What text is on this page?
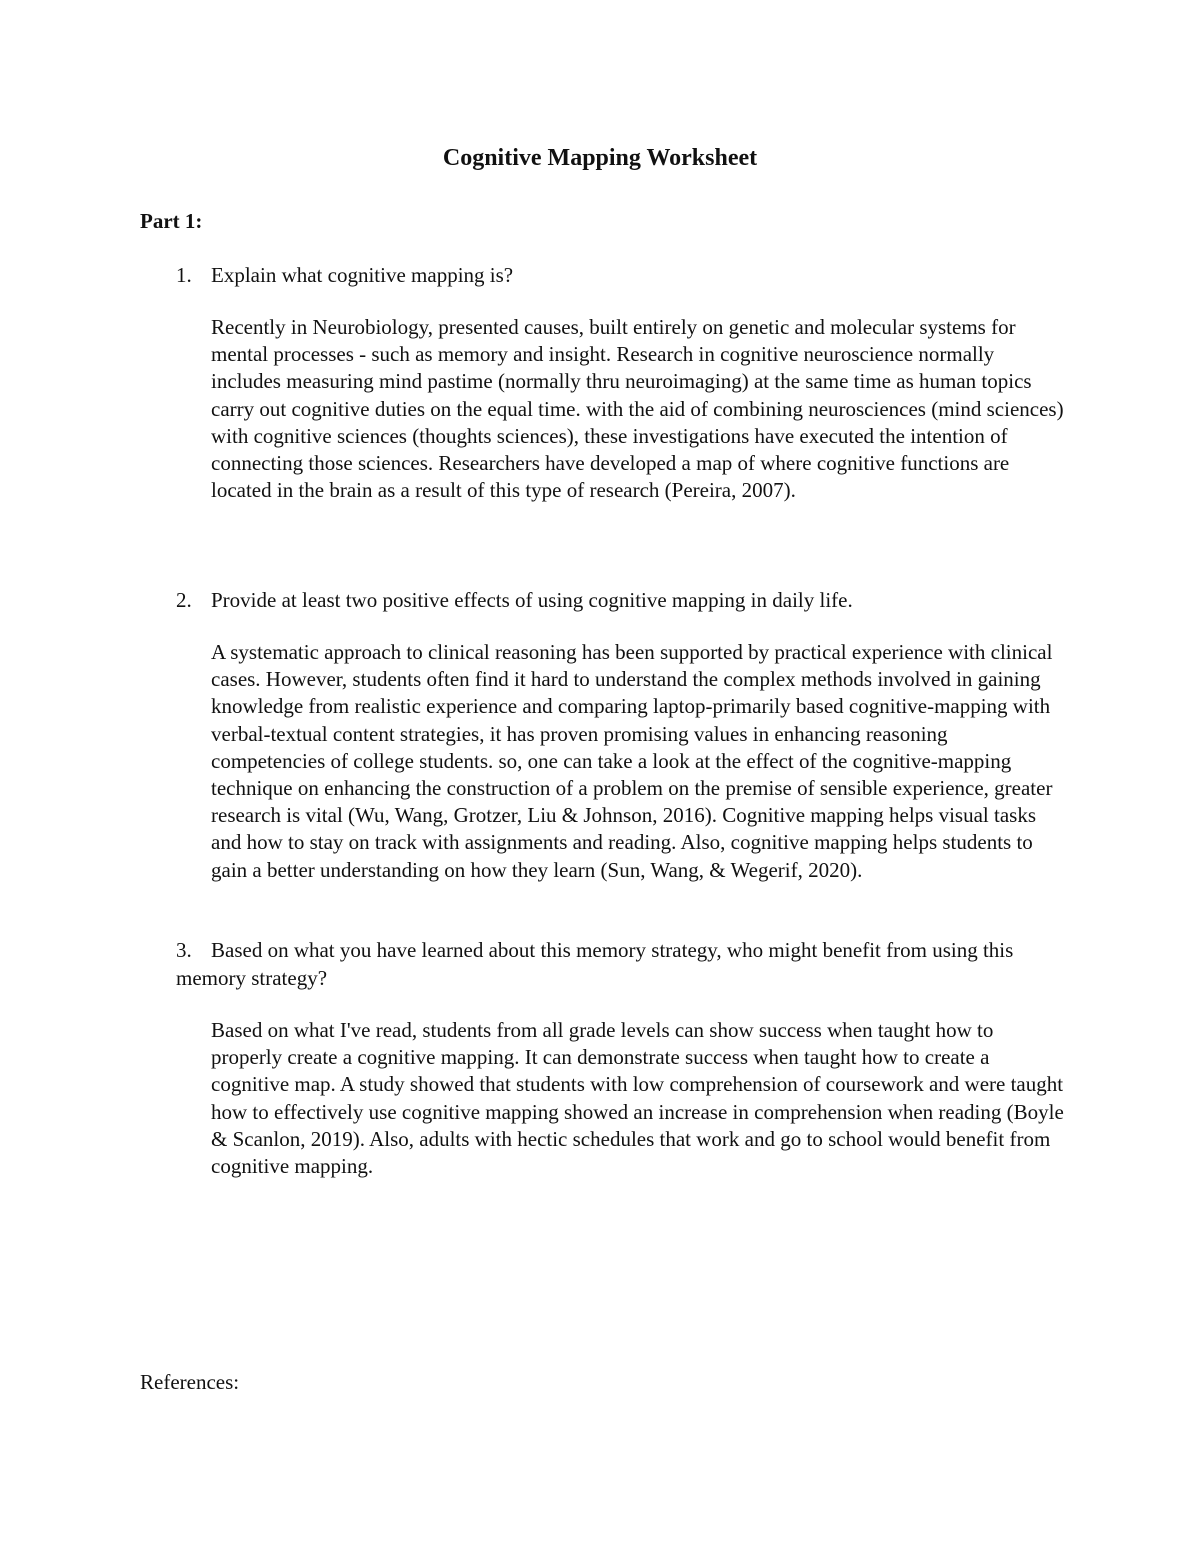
Cognitive Mapping Worksheet

Part 1:

1. Explain what cognitive mapping is?

Recently in Neurobiology, presented causes, built entirely on genetic and molecular systems for mental processes - such as memory and insight. Research in cognitive neuroscience normally includes measuring mind pastime (normally thru neuroimaging) at the same time as human topics carry out cognitive duties on the equal time. with the aid of combining neurosciences (mind sciences) with cognitive sciences (thoughts sciences), these investigations have executed the intention of connecting those sciences. Researchers have developed a map of where cognitive functions are located in the brain as a result of this type of research (Pereira, 2007).

2. Provide at least two positive effects of using cognitive mapping in daily life.

A systematic approach to clinical reasoning has been supported by practical experience with clinical cases. However, students often find it hard to understand the complex methods involved in gaining knowledge from realistic experience and comparing laptop-primarily based cognitive-mapping with verbal-textual content strategies, it has proven promising values in enhancing reasoning competencies of college students. so, one can take a look at the effect of the cognitive-mapping technique on enhancing the construction of a problem on the premise of sensible experience, greater research is vital (Wu, Wang, Grotzer, Liu & Johnson, 2016). Cognitive mapping helps visual tasks and how to stay on track with assignments and reading. Also, cognitive mapping helps students to gain a better understanding on how they learn (Sun, Wang, & Wegerif, 2020).

3. Based on what you have learned about this memory strategy, who might benefit from using this memory strategy?

Based on what I've read, students from all grade levels can show success when taught how to properly create a cognitive mapping. It can demonstrate success when taught how to create a cognitive map. A study showed that students with low comprehension of coursework and were taught how to effectively use cognitive mapping showed an increase in comprehension when reading (Boyle & Scanlon, 2019). Also, adults with hectic schedules that work and go to school would benefit from cognitive mapping.

References:
